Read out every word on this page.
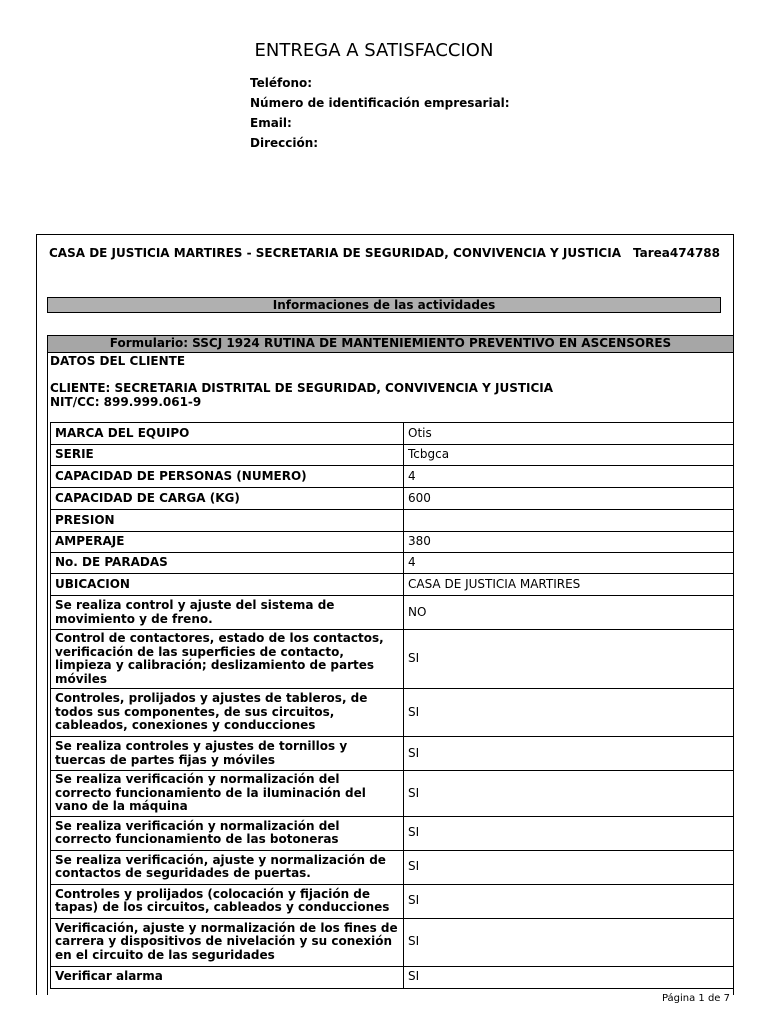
ENTREGA A SATISFACCION
Teléfono:
Número de identificación empresarial:
Email:
Dirección:
CASA DE JUSTICIA MARTIRES - SECRETARIA DE SEGURIDAD, CONVIVENCIA Y JUSTICIA Tarea474788
Informaciones de las actividades
Formulario: SSCJ 1924 RUTINA DE MANTENIEMIENTO PREVENTIVO EN ASCENSORES
DATOS DEL CLIENTE
CLIENTE: SECRETARIA DISTRITAL DE SEGURIDAD, CONVIVENCIA Y JUSTICIA
NIT/CC: 899.999.061-9
MARCA DEL EQUIPO	Otis
SERIE	Tcbgca
CAPACIDAD DE PERSONAS (NUMERO)	4
CAPACIDAD DE CARGA (KG)	600
PRESION	
AMPERAJE	380
No. DE PARADAS	4
UBICACION	CASA DE JUSTICIA MARTIRES
Se realiza control y ajuste del sistema de movimiento y de freno.	NO
Control de contactores, estado de los contactos, verificación de las superficies de contacto, limpieza y calibración; deslizamiento de partes móviles	SI
Controles, prolijados y ajustes de tableros, de todos sus componentes, de sus circuitos, cableados, conexiones y conducciones	SI
Se realiza controles y ajustes de tornillos y tuercas de partes fijas y móviles	SI
Se realiza verificación y normalización del correcto funcionamiento de la iluminación del vano de la máquina	SI
Se realiza verificación y normalización del correcto funcionamiento de las botoneras	SI
Se realiza verificación, ajuste y normalización de contactos de seguridades de puertas.	SI
Controles y prolijados (colocación y fijación de tapas) de los circuitos, cableados y conducciones	SI
Verificación, ajuste y normalización de los fines de carrera y dispositivos de nivelación y su conexión en el circuito de las seguridades	SI
Verificar alarma	SI
Página 1 de 7
